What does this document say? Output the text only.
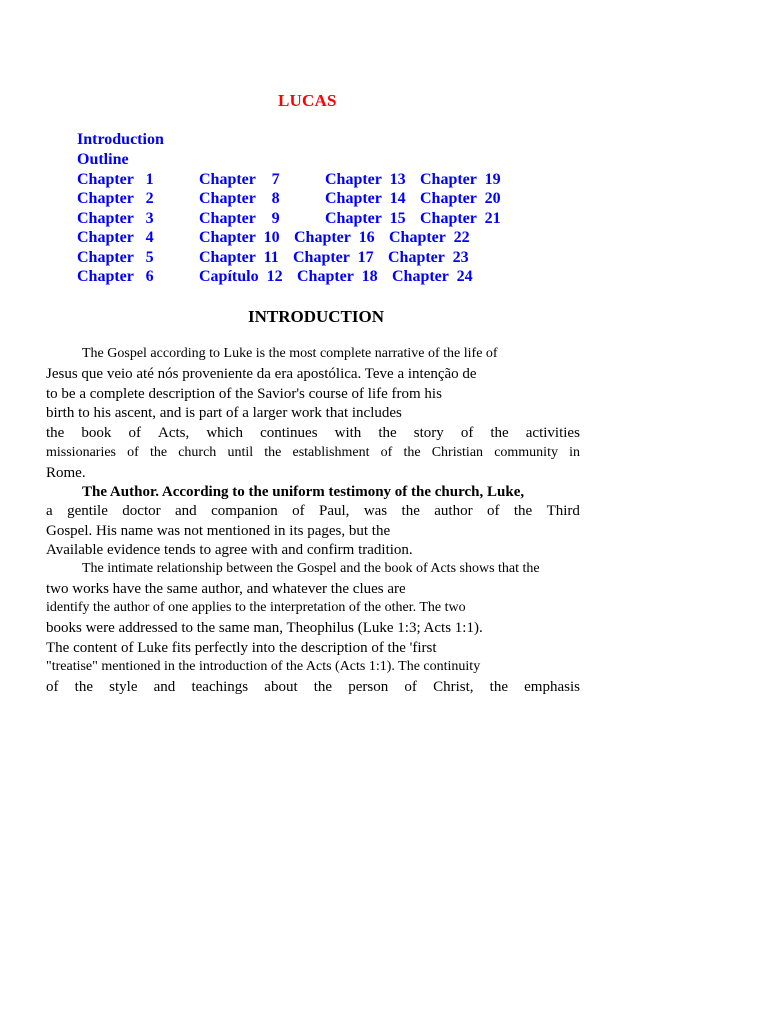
LUCAS
Introduction
Outline
Chapter   1
Chapter   2
Chapter   3
Chapter   4
Chapter   5
Chapter   6
Chapter    7
Chapter    8
Chapter    9
Chapter  10
Chapter  11
Capítulo  12
Chapter  13
Chapter  14
Chapter  15
Chapter  16
Chapter  17
Chapter  18
Chapter  19
Chapter  20
Chapter  21
Chapter  22
Chapter  23
Chapter  24
INTRODUCTION
The Gospel according to Luke is the most complete narrative of the life of
Jesus que veio até nós proveniente da era apostólica. Teve a intenção de
to be a complete description of the Savior's course of life from his
birth to his ascent, and is part of a larger work that includes
the book of Acts, which continues with the story of the activities
missionaries of the church until the establishment of the Christian community in
Rome.
The Author. According to the uniform testimony of the church, Luke,
a gentile doctor and companion of Paul, was the author of the Third
Gospel. His name was not mentioned in its pages, but the
Available evidence tends to agree with and confirm tradition.
The intimate relationship between the Gospel and the book of Acts shows that the
two works have the same author, and whatever the clues are
identify the author of one applies to the interpretation of the other. The two
books were addressed to the same man, Theophilus (Luke 1:3; Acts 1:1).
The content of Luke fits perfectly into the description of the 'first
"treatise" mentioned in the introduction of the Acts (Acts 1:1). The continuity
of the style and teachings about the person of Christ, the emphasis
